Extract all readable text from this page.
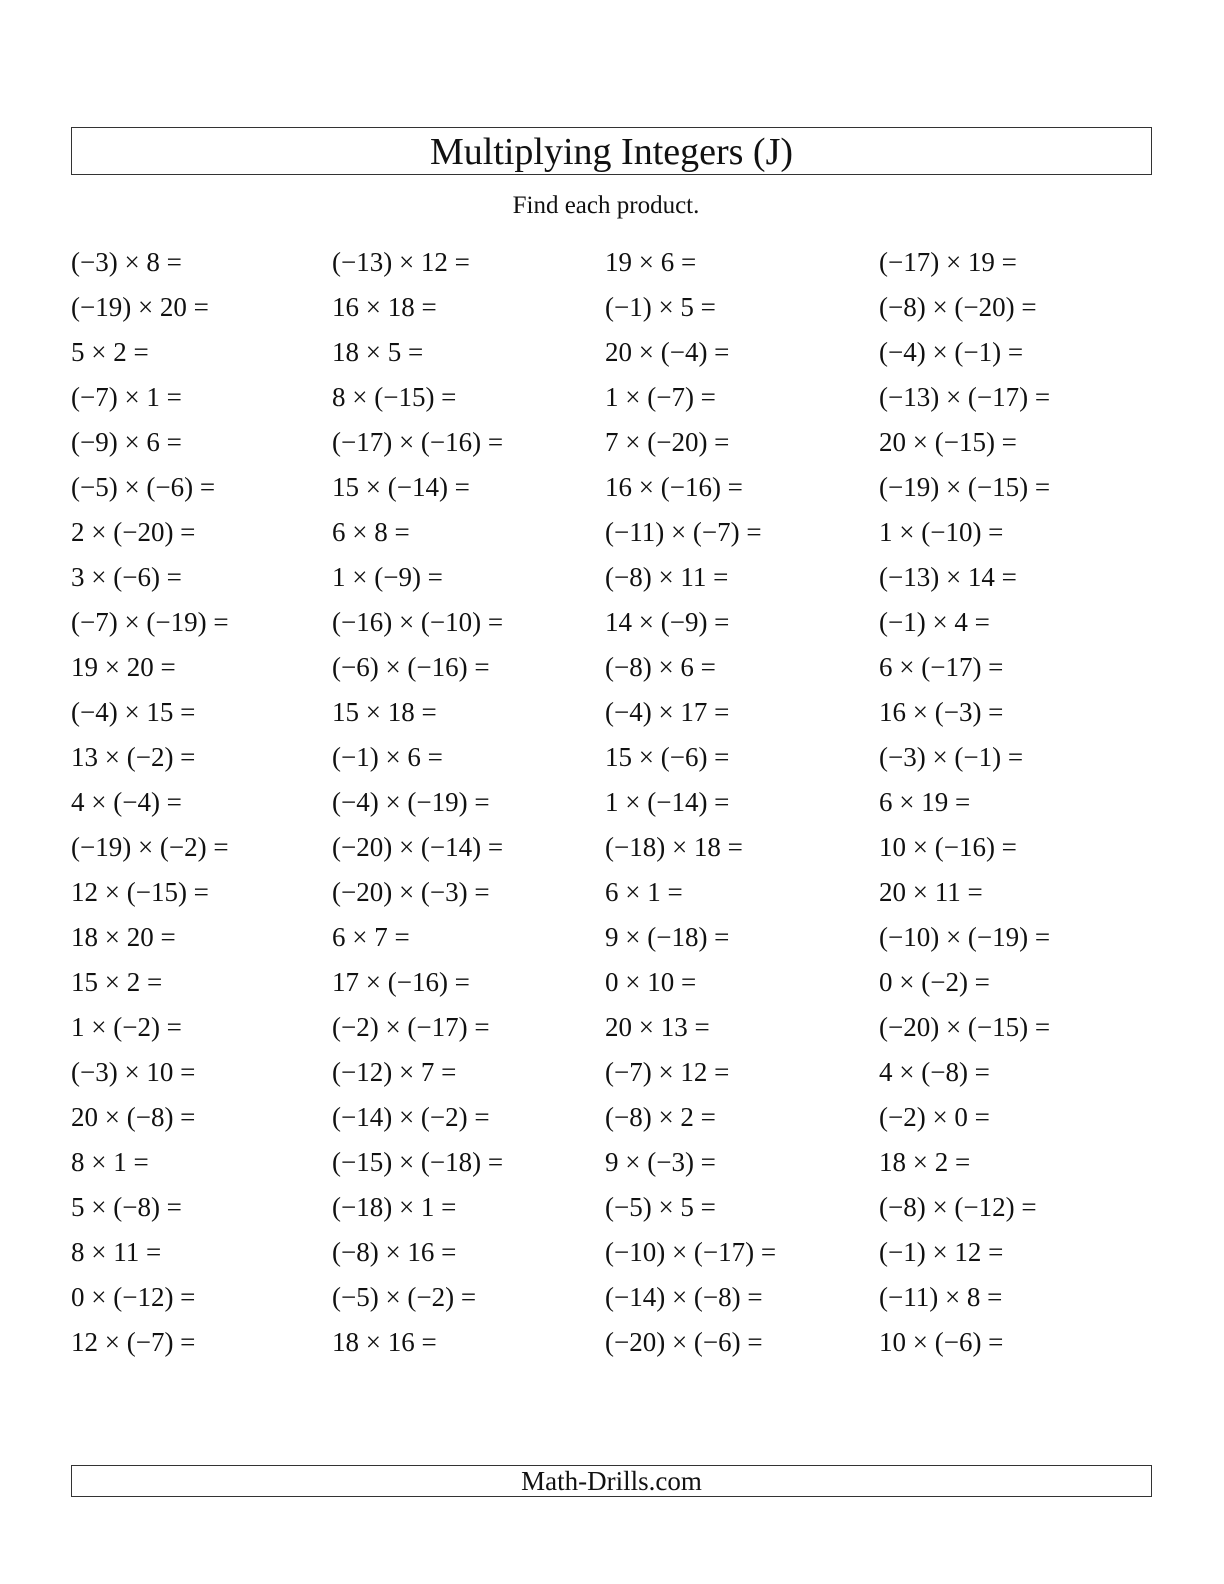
Multiplying Integers (J)
Find each product.
(−3) × 8 =
(−19) × 20 =
5 × 2 =
(−7) × 1 =
(−9) × 6 =
(−5) × (−6) =
2 × (−20) =
3 × (−6) =
(−7) × (−19) =
19 × 20 =
(−4) × 15 =
13 × (−2) =
4 × (−4) =
(−19) × (−2) =
12 × (−15) =
18 × 20 =
15 × 2 =
1 × (−2) =
(−3) × 10 =
20 × (−8) =
8 × 1 =
5 × (−8) =
8 × 11 =
0 × (−12) =
12 × (−7) =
(−13) × 12 =
16 × 18 =
18 × 5 =
8 × (−15) =
(−17) × (−16) =
15 × (−14) =
6 × 8 =
1 × (−9) =
(−16) × (−10) =
(−6) × (−16) =
15 × 18 =
(−1) × 6 =
(−4) × (−19) =
(−20) × (−14) =
(−20) × (−3) =
6 × 7 =
17 × (−16) =
(−2) × (−17) =
(−12) × 7 =
(−14) × (−2) =
(−15) × (−18) =
(−18) × 1 =
(−8) × 16 =
(−5) × (−2) =
18 × 16 =
19 × 6 =
(−1) × 5 =
20 × (−4) =
1 × (−7) =
7 × (−20) =
16 × (−16) =
(−11) × (−7) =
(−8) × 11 =
14 × (−9) =
(−8) × 6 =
(−4) × 17 =
15 × (−6) =
1 × (−14) =
(−18) × 18 =
6 × 1 =
9 × (−18) =
0 × 10 =
20 × 13 =
(−7) × 12 =
(−8) × 2 =
9 × (−3) =
(−5) × 5 =
(−10) × (−17) =
(−14) × (−8) =
(−20) × (−6) =
(−17) × 19 =
(−8) × (−20) =
(−4) × (−1) =
(−13) × (−17) =
20 × (−15) =
(−19) × (−15) =
1 × (−10) =
(−13) × 14 =
(−1) × 4 =
6 × (−17) =
16 × (−3) =
(−3) × (−1) =
6 × 19 =
10 × (−16) =
20 × 11 =
(−10) × (−19) =
0 × (−2) =
(−20) × (−15) =
4 × (−8) =
(−2) × 0 =
18 × 2 =
(−8) × (−12) =
(−1) × 12 =
(−11) × 8 =
10 × (−6) =
Math-Drills.com
